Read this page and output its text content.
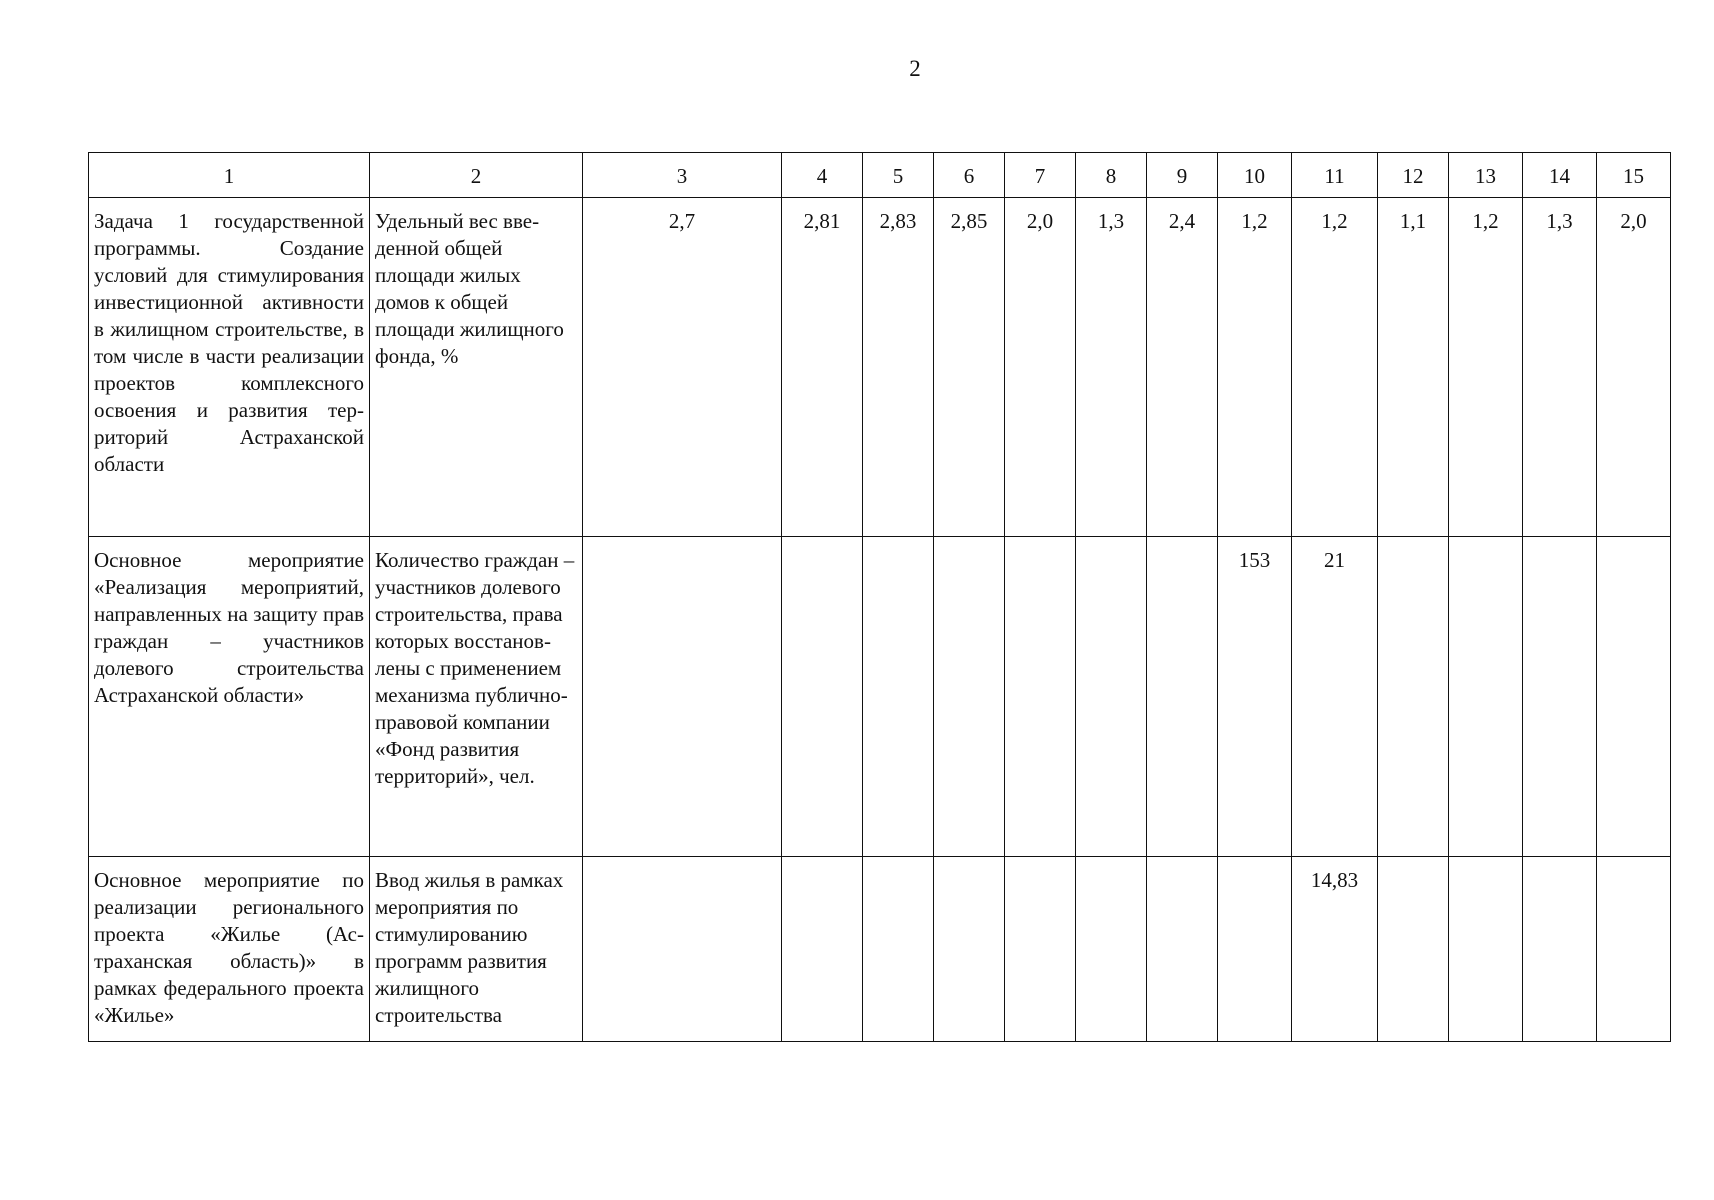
2
1	2	3	4	5	6	7	8	9	10	11	12	13	14	15
Задача 1 государственной программы. Создание условий для стимулирования инвестиционной активности в жилищном строительстве, в том числе в части реализации проектов комплексного освоения и развития территорий Астраханской области	Удельный вес введенной общей площади жилых домов к общей площади жилищного фонда, %	2,7	2,81	2,83	2,85	2,0	1,3	2,4	1,2	1,2	1,1	1,2	1,3	2,0
Основное мероприятие «Реализация мероприятий, направленных на защиту прав граждан – участников долевого строительства Астраханской области»	Количество граждан – участников долевого строительства, права которых восстановлены с применением механизма публично-правовой компании «Фонд развития территорий», чел.								153	21				
Основное мероприятие по реализации регионального проекта «Жилье (Астраханская область)» в рамках федерального проекта «Жилье»	Ввод жилья в рамках мероприятия по стимулированию программ развития жилищного строительства									14,83				
